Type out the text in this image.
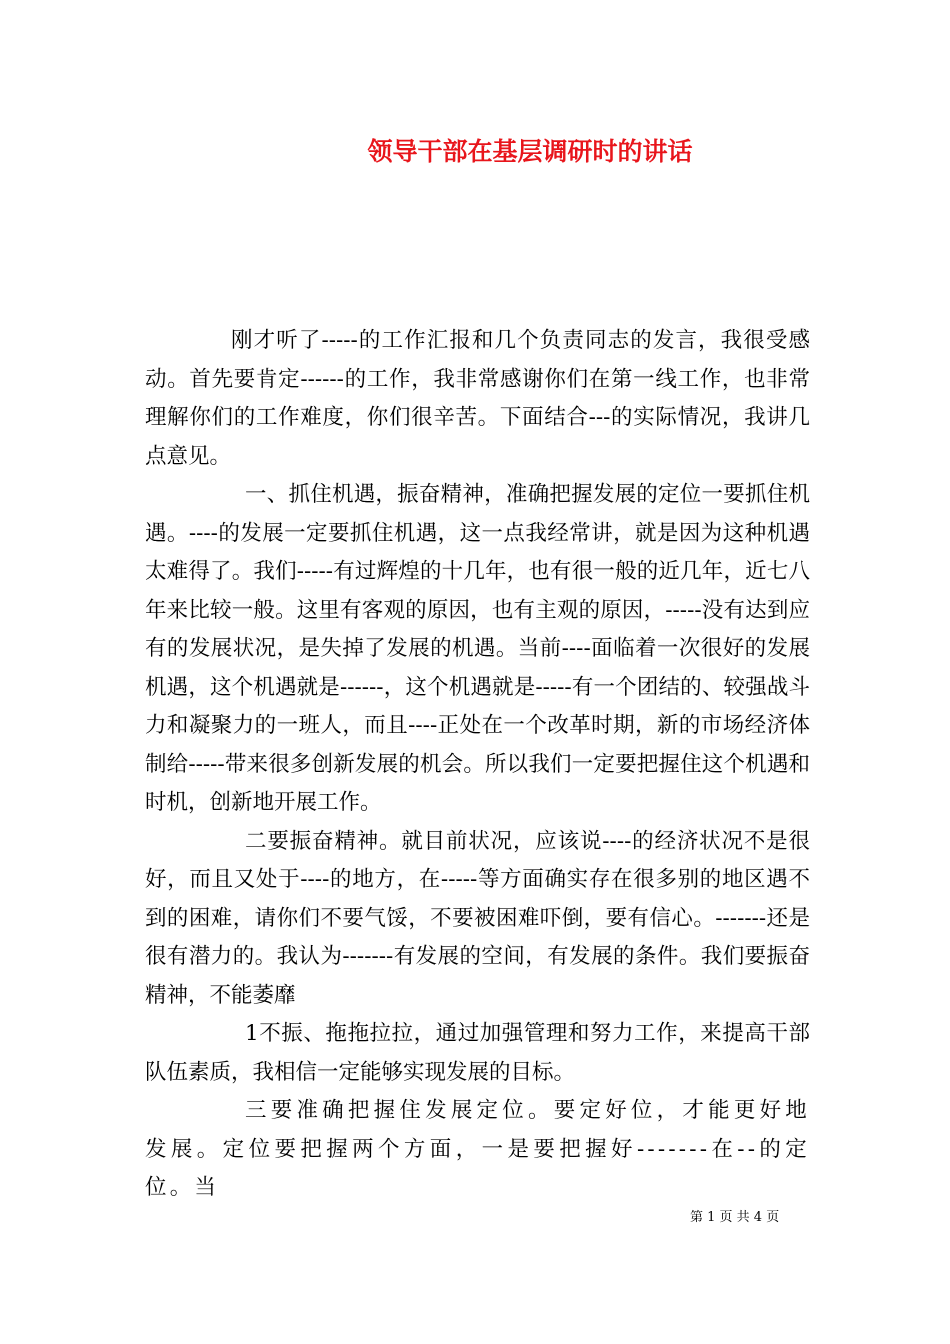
领导干部在基层调研时的讲话

刚才听了-----的工作汇报和几个负责同志的发言，我很受感动。首先要肯定------的工作，我非常感谢你们在第一线工作，也非常理解你们的工作难度，你们很辛苦。下面结合---的实际情况，我讲几点意见。

一、抓住机遇，振奋精神，准确把握发展的定位一要抓住机遇。----的发展一定要抓住机遇，这一点我经常讲，就是因为这种机遇太难得了。我们-----有过辉煌的十几年，也有很一般的近几年，近七八年来比较一般。这里有客观的原因，也有主观的原因，-----没有达到应有的发展状况，是失掉了发展的机遇。当前----面临着一次很好的发展机遇，这个机遇就是------，这个机遇就是-----有一个团结的、较强战斗力和凝聚力的一班人，而且----正处在一个改革时期，新的市场经济体制给-----带来很多创新发展的机会。所以我们一定要把握住这个机遇和时机，创新地开展工作。

二要振奋精神。就目前状况，应该说----的经济状况不是很好，而且又处于----的地方，在-----等方面确实存在很多别的地区遇不到的困难，请你们不要气馁，不要被困难吓倒，要有信心。-------还是很有潜力的。我认为-------有发展的空间，有发展的条件。我们要振奋精神，不能萎靡

1不振、拖拖拉拉，通过加强管理和努力工作，来提高干部队伍素质，我相信一定能够实现发展的目标。

三要准确把握住发展定位。要定好位，才能更好地发展。定位要把握两个方面，一是要把握好-------在--的定位。当

第 1 页 共 4 页
